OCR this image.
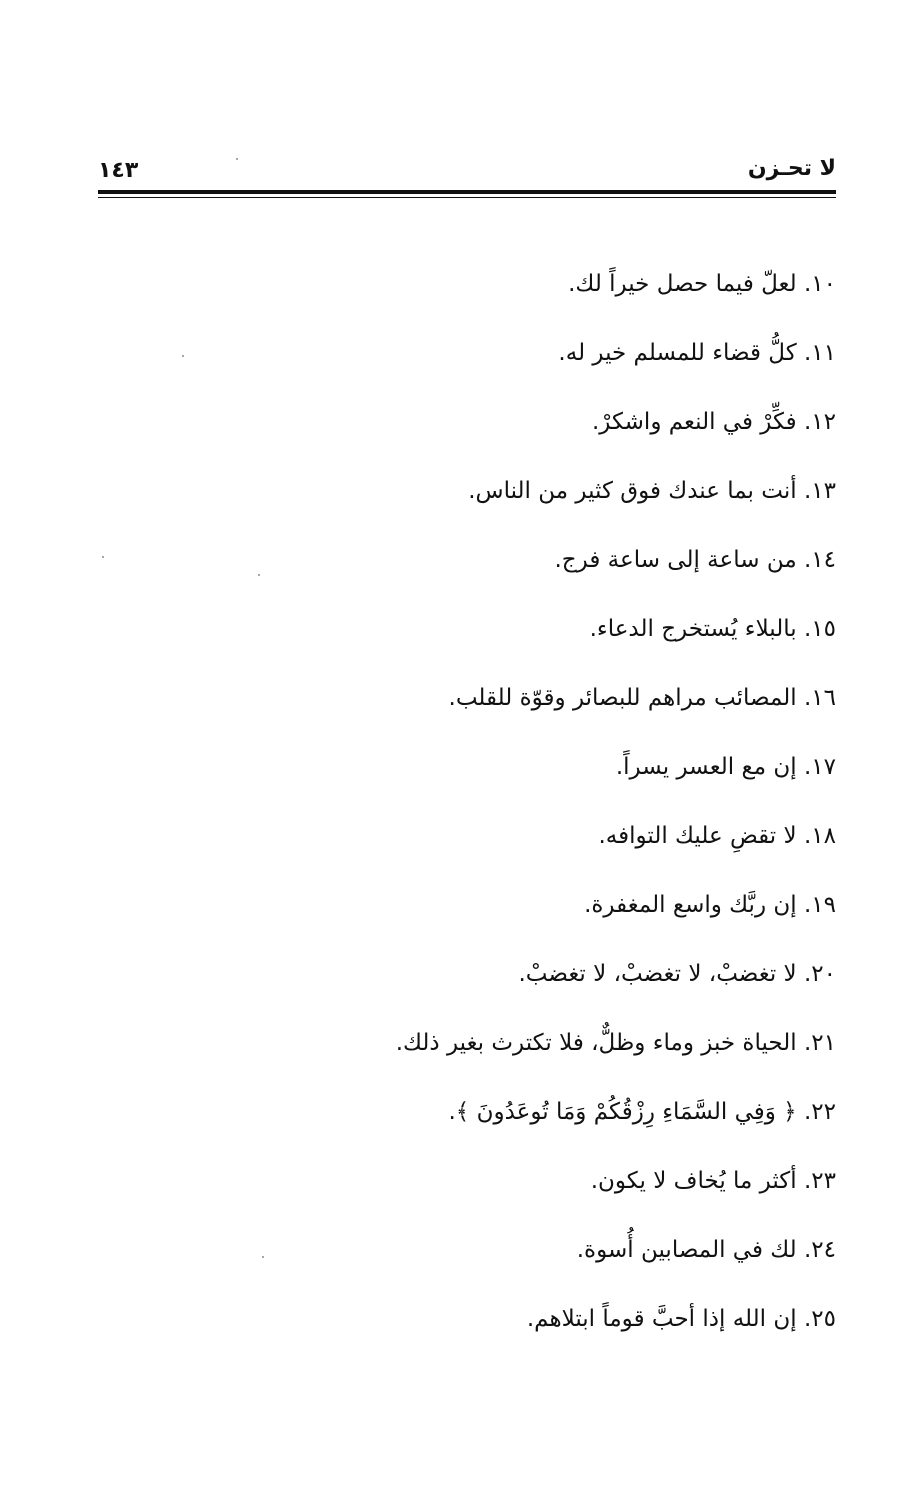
لا تحـزن
١٤٣
١٠. لعلّ فيما حصل خيراً لك.
١١. كلُّ قضاء للمسلم خير له.
١٢. فكِّرْ في النعم واشكرْ.
١٣. أنت بما عندك فوق كثير من الناس.
١٤. من ساعة إلى ساعة فرج.
١٥. بالبلاء يُستخرج الدعاء.
١٦. المصائب مراهم للبصائر وقوّة للقلب.
١٧. إن مع العسر يسراً.
١٨. لا تقضِ عليك التوافه.
١٩. إن ربَّك واسع المغفرة.
٢٠. لا تغضبْ، لا تغضبْ، لا تغضبْ.
٢١. الحياة خبز وماء وظلٌّ، فلا تكترث بغير ذلك.
٢٢. ﴿ وَفِي السَّمَاءِ رِزْقُكُمْ وَمَا تُوعَدُونَ ﴾.
٢٣. أكثر ما يُخاف لا يكون.
٢٤. لك في المصابين أُسوة.
٢٥. إن الله إذا أحبَّ قوماً ابتلاهم.
